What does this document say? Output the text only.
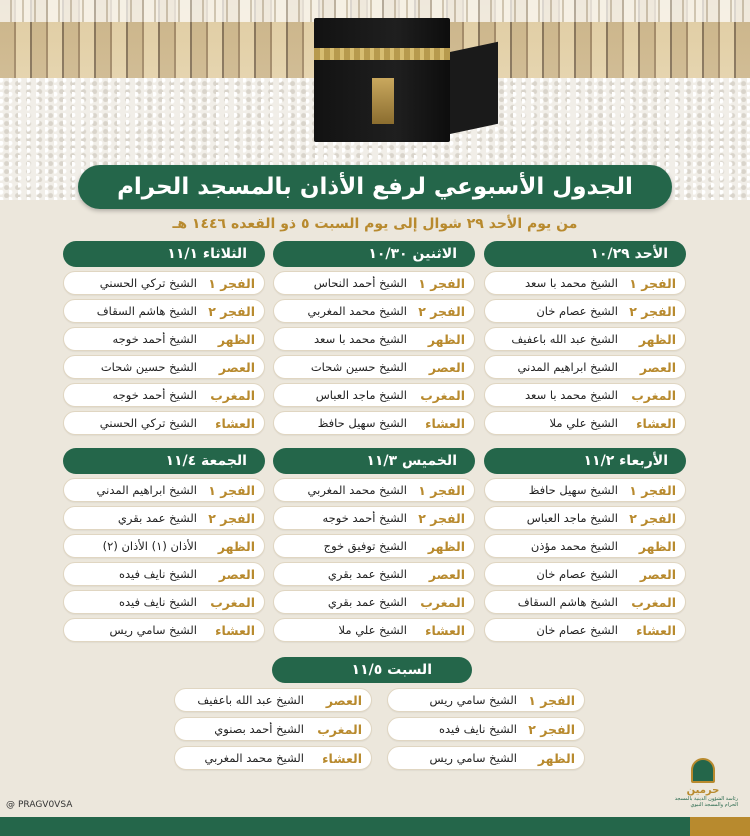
الجدول الأسبوعي لرفع الأذان بالمسجد الحرام
من يوم الأحد ٢٩ شوال إلى يوم السبت ٥ ذو القعده ١٤٤٦ هـ
الأحد ١٠/٢٩
الفجر ١
الشيخ محمد با سعد
الفجر ٢
الشيخ عصام خان
الظهر
الشيخ عبد الله باعفيف
العصر
الشيخ ابراهيم المدني
المغرب
الشيخ محمد با سعد
العشاء
الشيخ علي ملا
الاثنين ١٠/٣٠
الفجر ١
الشيخ أحمد النحاس
الفجر ٢
الشيخ محمد المغربي
الظهر
الشيخ محمد با سعد
العصر
الشيخ حسين شحات
المغرب
الشيخ ماجد العباس
العشاء
الشيخ سهيل حافظ
الثلاثاء ١١/١
الفجر ١
الشيخ تركي الحسني
الفجر ٢
الشيخ هاشم السقاف
الظهر
الشيخ أحمد خوجه
العصر
الشيخ حسين شحات
المغرب
الشيخ أحمد خوجه
العشاء
الشيخ تركي الحسني
الأربعاء ١١/٢
الفجر ١
الشيخ سهيل حافظ
الفجر ٢
الشيخ ماجد العباس
الظهر
الشيخ محمد مؤذن
العصر
الشيخ عصام خان
المغرب
الشيخ هاشم السقاف
العشاء
الشيخ عصام خان
الخميس ١١/٣
الفجر ١
الشيخ محمد المغربي
الفجر ٢
الشيخ أحمد خوجه
الظهر
الشيخ توفيق خوج
العصر
الشيخ عمد بقري
المغرب
الشيخ عمد بقري
العشاء
الشيخ علي ملا
الجمعة ١١/٤
الفجر ١
الشيخ ابراهيم المدني
الفجر ٢
الشيخ عمد بقري
الظهر
الأذان (١) الأذان (٢)
العصر
الشيخ نايف فيده
المغرب
الشيخ نايف فيده
العشاء
الشيخ سامي ريس
السبت ١١/٥
الفجر ١
الشيخ سامي ريس
الفجر ٢
الشيخ نايف فيده
الظهر
الشيخ سامي ريس
العصر
الشيخ عبد الله باعفيف
المغرب
الشيخ أحمد بصنوي
العشاء
الشيخ محمد المغربي
حرمين
رئاسة الشؤون الدينية بالمسجد الحرام والمسجد النبوي
@ PRAGV0VSA
